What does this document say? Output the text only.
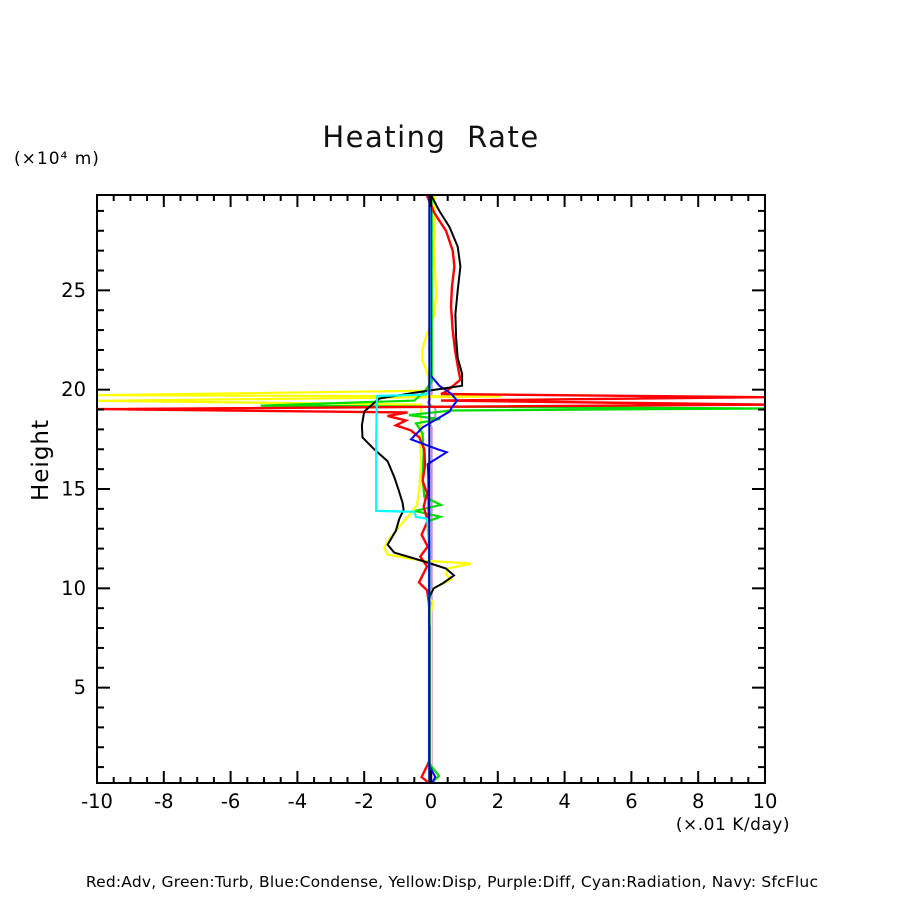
-10 -8 -6 -4 -2	0	2	4	6	8 10
5
10
15
20
25
Heating Rate
(×10⁴ m)
Height
(×.01 K/day)
Red:Adv, Green:Turb, Blue:Condense, Yellow:Disp, Purple:Diff, Cyan:Radiation, Navy: SfcFluc
